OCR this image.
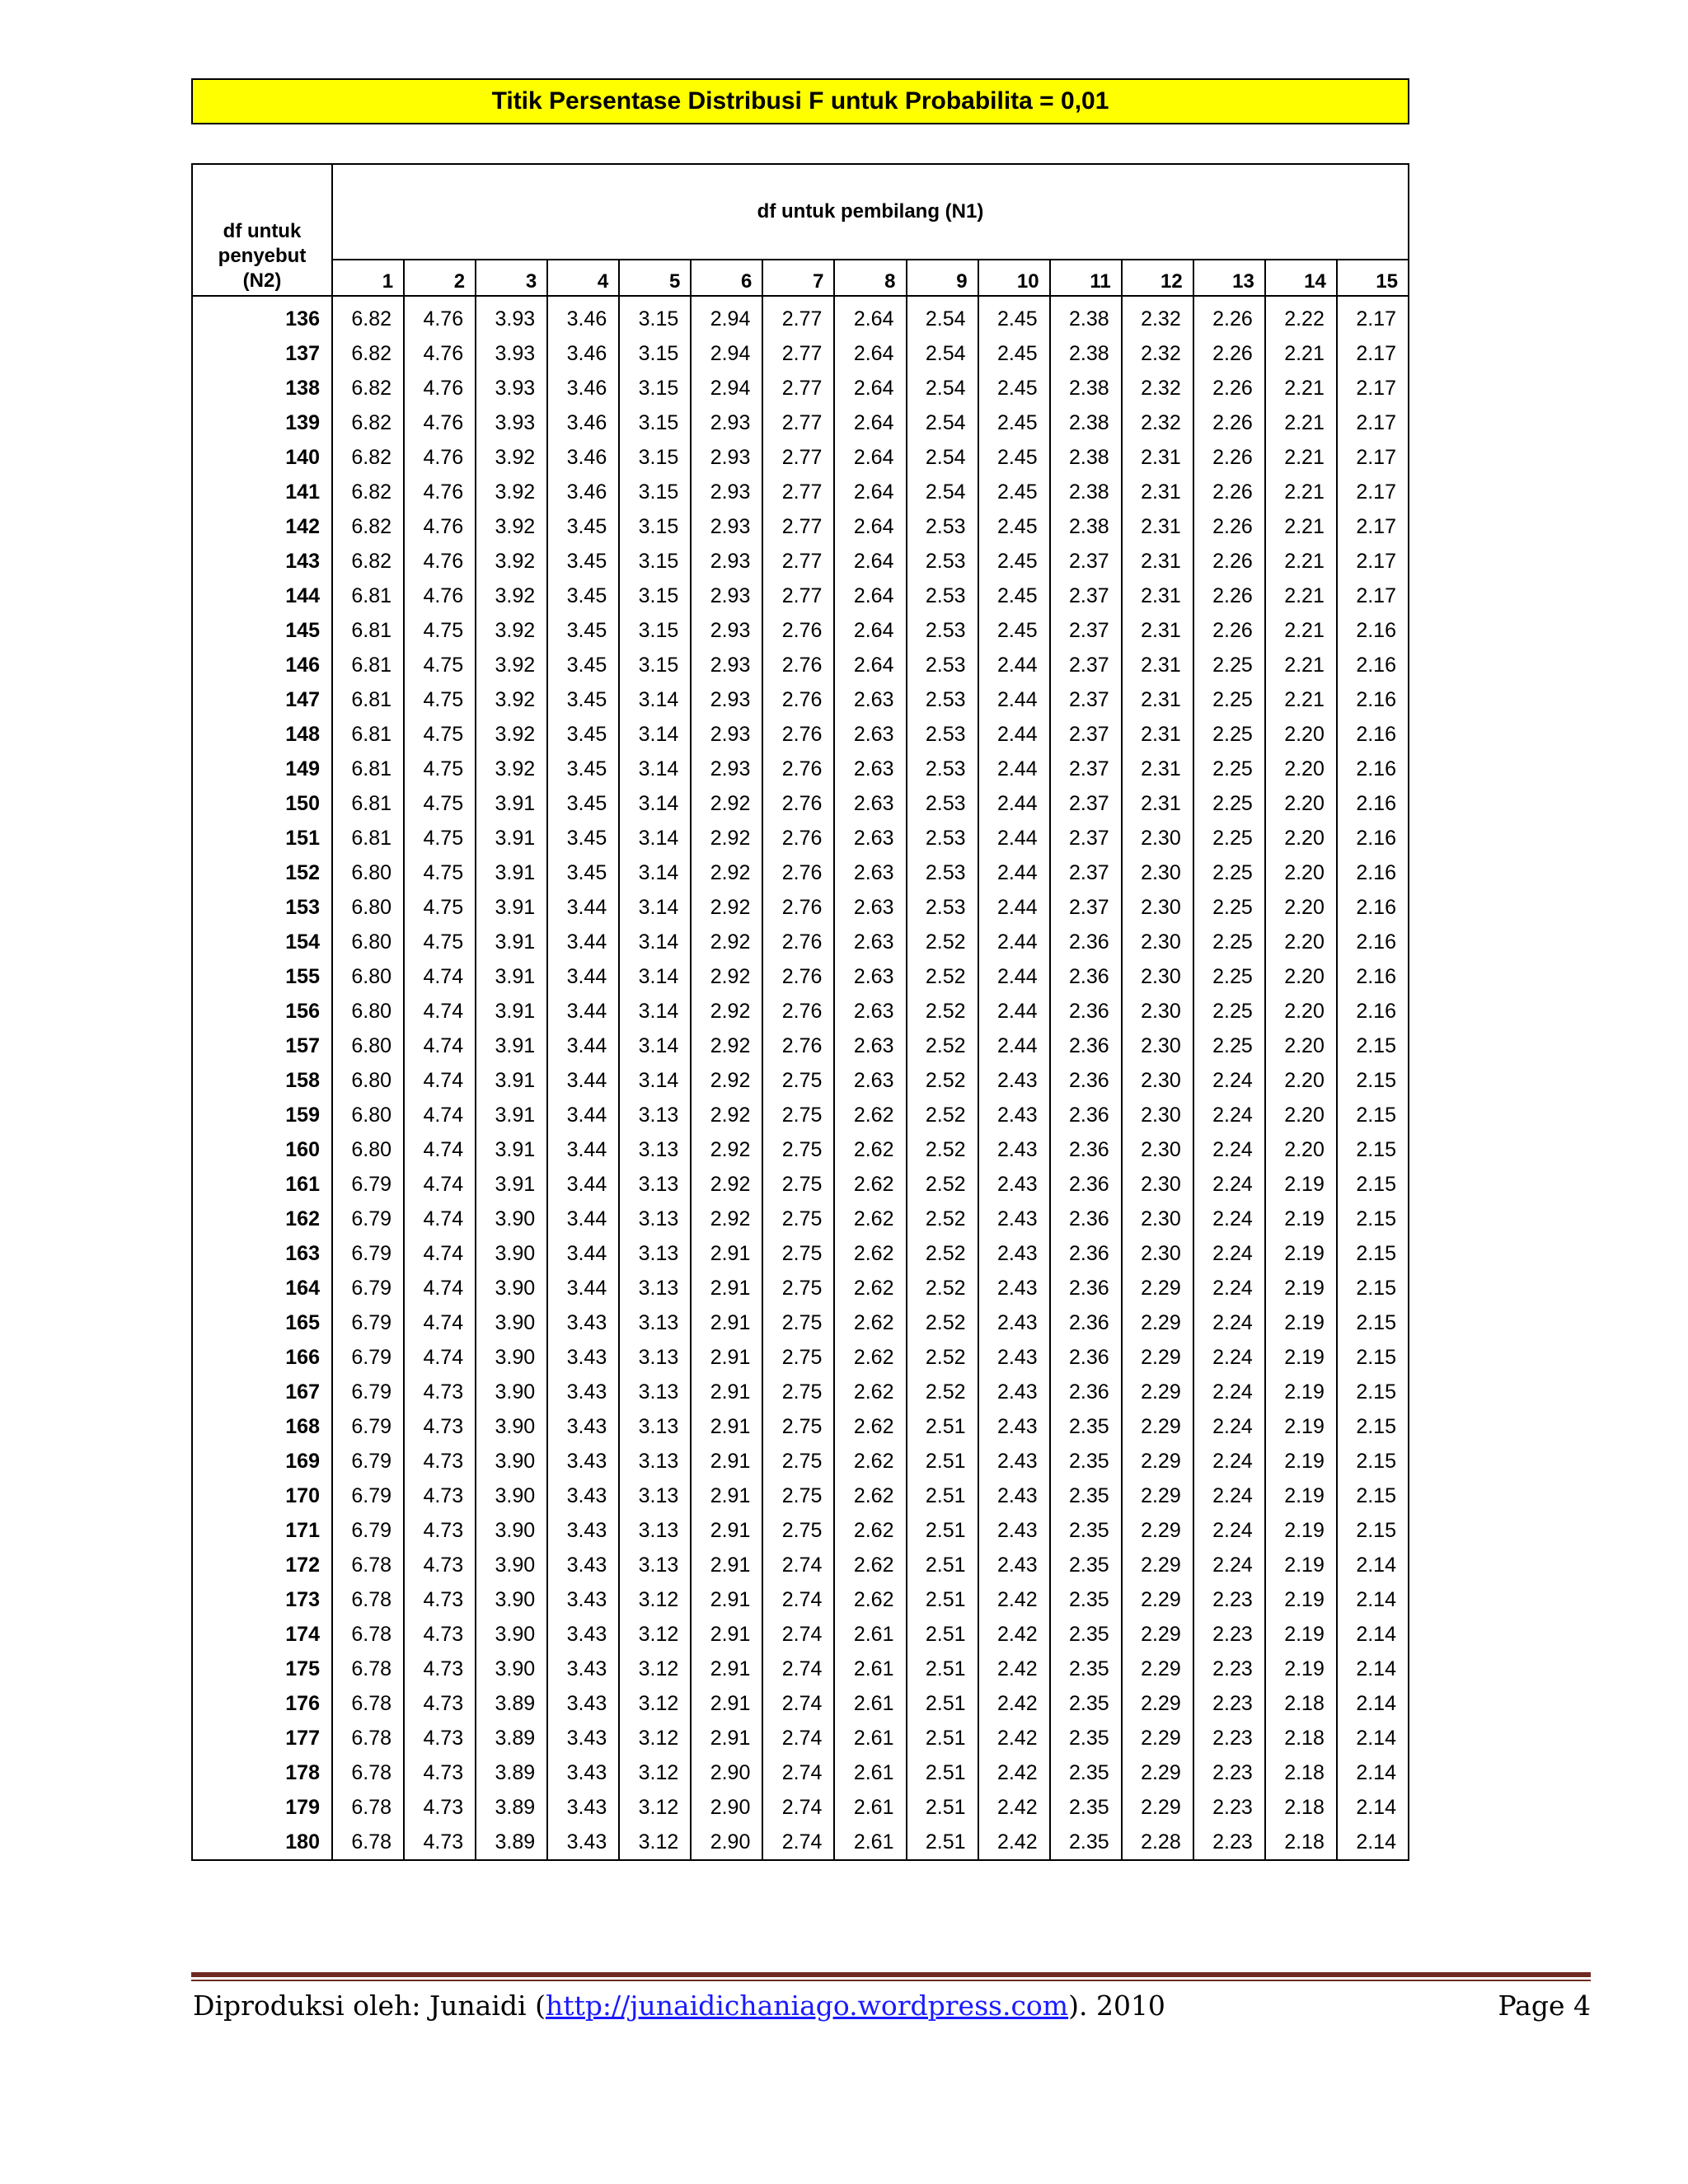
Titik Persentase Distribusi F untuk Probabilita = 0,01
df untuk
penyebut
(N2)	df untuk pembilang (N1)														
	1	2	3	4	5	6	7	8	9	10	11	12	13	14	15
136	6.82	4.76	3.93	3.46	3.15	2.94	2.77	2.64	2.54	2.45	2.38	2.32	2.26	2.22	2.17
137	6.82	4.76	3.93	3.46	3.15	2.94	2.77	2.64	2.54	2.45	2.38	2.32	2.26	2.21	2.17
138	6.82	4.76	3.93	3.46	3.15	2.94	2.77	2.64	2.54	2.45	2.38	2.32	2.26	2.21	2.17
139	6.82	4.76	3.93	3.46	3.15	2.93	2.77	2.64	2.54	2.45	2.38	2.32	2.26	2.21	2.17
140	6.82	4.76	3.92	3.46	3.15	2.93	2.77	2.64	2.54	2.45	2.38	2.31	2.26	2.21	2.17
141	6.82	4.76	3.92	3.46	3.15	2.93	2.77	2.64	2.54	2.45	2.38	2.31	2.26	2.21	2.17
142	6.82	4.76	3.92	3.45	3.15	2.93	2.77	2.64	2.53	2.45	2.38	2.31	2.26	2.21	2.17
143	6.82	4.76	3.92	3.45	3.15	2.93	2.77	2.64	2.53	2.45	2.37	2.31	2.26	2.21	2.17
144	6.81	4.76	3.92	3.45	3.15	2.93	2.77	2.64	2.53	2.45	2.37	2.31	2.26	2.21	2.17
145	6.81	4.75	3.92	3.45	3.15	2.93	2.76	2.64	2.53	2.45	2.37	2.31	2.26	2.21	2.16
146	6.81	4.75	3.92	3.45	3.15	2.93	2.76	2.64	2.53	2.44	2.37	2.31	2.25	2.21	2.16
147	6.81	4.75	3.92	3.45	3.14	2.93	2.76	2.63	2.53	2.44	2.37	2.31	2.25	2.21	2.16
148	6.81	4.75	3.92	3.45	3.14	2.93	2.76	2.63	2.53	2.44	2.37	2.31	2.25	2.20	2.16
149	6.81	4.75	3.92	3.45	3.14	2.93	2.76	2.63	2.53	2.44	2.37	2.31	2.25	2.20	2.16
150	6.81	4.75	3.91	3.45	3.14	2.92	2.76	2.63	2.53	2.44	2.37	2.31	2.25	2.20	2.16
151	6.81	4.75	3.91	3.45	3.14	2.92	2.76	2.63	2.53	2.44	2.37	2.30	2.25	2.20	2.16
152	6.80	4.75	3.91	3.45	3.14	2.92	2.76	2.63	2.53	2.44	2.37	2.30	2.25	2.20	2.16
153	6.80	4.75	3.91	3.44	3.14	2.92	2.76	2.63	2.53	2.44	2.37	2.30	2.25	2.20	2.16
154	6.80	4.75	3.91	3.44	3.14	2.92	2.76	2.63	2.52	2.44	2.36	2.30	2.25	2.20	2.16
155	6.80	4.74	3.91	3.44	3.14	2.92	2.76	2.63	2.52	2.44	2.36	2.30	2.25	2.20	2.16
156	6.80	4.74	3.91	3.44	3.14	2.92	2.76	2.63	2.52	2.44	2.36	2.30	2.25	2.20	2.16
157	6.80	4.74	3.91	3.44	3.14	2.92	2.76	2.63	2.52	2.44	2.36	2.30	2.25	2.20	2.15
158	6.80	4.74	3.91	3.44	3.14	2.92	2.75	2.63	2.52	2.43	2.36	2.30	2.24	2.20	2.15
159	6.80	4.74	3.91	3.44	3.13	2.92	2.75	2.62	2.52	2.43	2.36	2.30	2.24	2.20	2.15
160	6.80	4.74	3.91	3.44	3.13	2.92	2.75	2.62	2.52	2.43	2.36	2.30	2.24	2.20	2.15
161	6.79	4.74	3.91	3.44	3.13	2.92	2.75	2.62	2.52	2.43	2.36	2.30	2.24	2.19	2.15
162	6.79	4.74	3.90	3.44	3.13	2.92	2.75	2.62	2.52	2.43	2.36	2.30	2.24	2.19	2.15
163	6.79	4.74	3.90	3.44	3.13	2.91	2.75	2.62	2.52	2.43	2.36	2.30	2.24	2.19	2.15
164	6.79	4.74	3.90	3.44	3.13	2.91	2.75	2.62	2.52	2.43	2.36	2.29	2.24	2.19	2.15
165	6.79	4.74	3.90	3.43	3.13	2.91	2.75	2.62	2.52	2.43	2.36	2.29	2.24	2.19	2.15
166	6.79	4.74	3.90	3.43	3.13	2.91	2.75	2.62	2.52	2.43	2.36	2.29	2.24	2.19	2.15
167	6.79	4.73	3.90	3.43	3.13	2.91	2.75	2.62	2.52	2.43	2.36	2.29	2.24	2.19	2.15
168	6.79	4.73	3.90	3.43	3.13	2.91	2.75	2.62	2.51	2.43	2.35	2.29	2.24	2.19	2.15
169	6.79	4.73	3.90	3.43	3.13	2.91	2.75	2.62	2.51	2.43	2.35	2.29	2.24	2.19	2.15
170	6.79	4.73	3.90	3.43	3.13	2.91	2.75	2.62	2.51	2.43	2.35	2.29	2.24	2.19	2.15
171	6.79	4.73	3.90	3.43	3.13	2.91	2.75	2.62	2.51	2.43	2.35	2.29	2.24	2.19	2.15
172	6.78	4.73	3.90	3.43	3.13	2.91	2.74	2.62	2.51	2.43	2.35	2.29	2.24	2.19	2.14
173	6.78	4.73	3.90	3.43	3.12	2.91	2.74	2.62	2.51	2.42	2.35	2.29	2.23	2.19	2.14
174	6.78	4.73	3.90	3.43	3.12	2.91	2.74	2.61	2.51	2.42	2.35	2.29	2.23	2.19	2.14
175	6.78	4.73	3.90	3.43	3.12	2.91	2.74	2.61	2.51	2.42	2.35	2.29	2.23	2.19	2.14
176	6.78	4.73	3.89	3.43	3.12	2.91	2.74	2.61	2.51	2.42	2.35	2.29	2.23	2.18	2.14
177	6.78	4.73	3.89	3.43	3.12	2.91	2.74	2.61	2.51	2.42	2.35	2.29	2.23	2.18	2.14
178	6.78	4.73	3.89	3.43	3.12	2.90	2.74	2.61	2.51	2.42	2.35	2.29	2.23	2.18	2.14
179	6.78	4.73	3.89	3.43	3.12	2.90	2.74	2.61	2.51	2.42	2.35	2.29	2.23	2.18	2.14
180	6.78	4.73	3.89	3.43	3.12	2.90	2.74	2.61	2.51	2.42	2.35	2.28	2.23	2.18	2.14
Diproduksi oleh: Junaidi (http://junaidichaniago.wordpress.com). 2010	Page 4
